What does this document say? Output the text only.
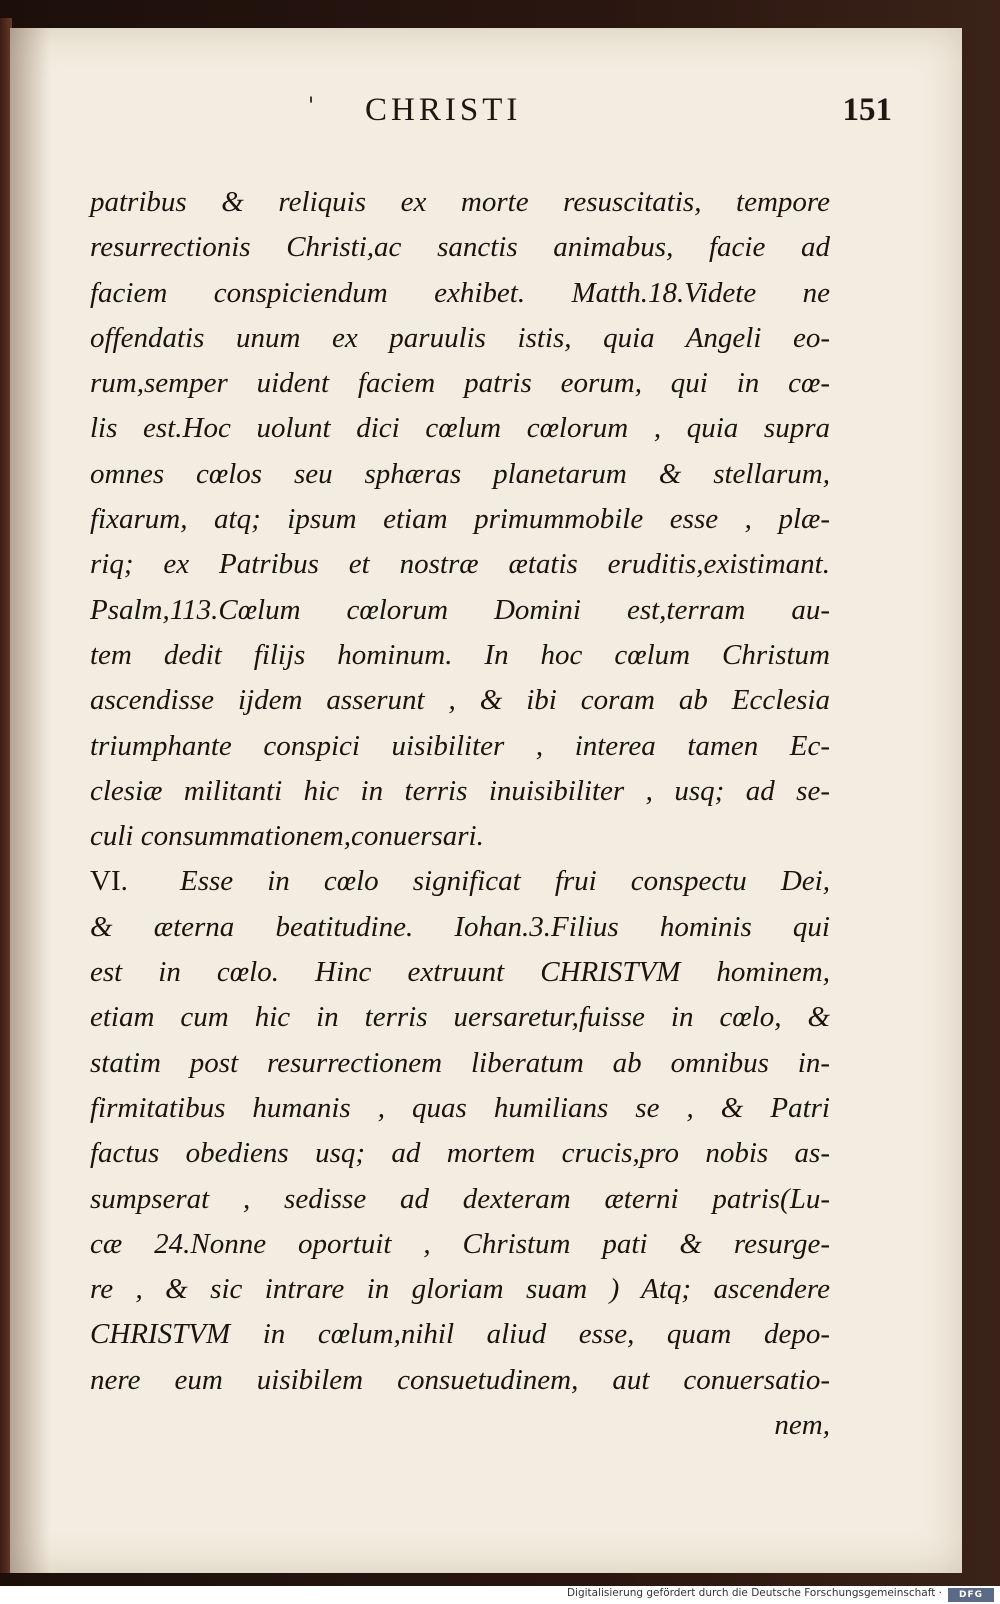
' CHRISTI	151
patribus & reliquis ex morte resuscitatis, tempore
resurrectionis Christi,ac sanctis animabus, facie ad
faciem conspiciendum exhibet. Matth.18.Videte ne
offendatis unum ex paruulis istis, quia Angeli eo-
rum,semper uident faciem patris eorum, qui in cœ-
lis est.Hoc uolunt dici cœlum cœlorum , quia supra
omnes cœlos seu sphæras planetarum & stellarum,
fixarum, atq; ipsum etiam primummobile esse , plæ-
riq; ex Patribus et nostræ ætatis eruditis,existimant.
Psalm,113.Cœlum cœlorum Domini est,terram au-
tem dedit filijs hominum. In hoc cœlum Christum
ascendisse ijdem asserunt , & ibi coram ab Ecclesia
triumphante conspici uisibiliter , interea tamen Ec-
clesiæ militanti hic in terris inuisibiliter , usq; ad se-
culi consummationem,conuersari.
VI. Esse in cœlo significat frui conspectu Dei,
& æterna beatitudine. Iohan.3.Filius hominis qui
est in cœlo. Hinc extruunt CHRISTVM hominem,
etiam cum hic in terris uersaretur,fuisse in cœlo, &
statim post resurrectionem liberatum ab omnibus in-
firmitatibus humanis , quas humilians se , & Patri
factus obediens usq; ad mortem crucis,pro nobis as-
sumpserat , sedisse ad dexteram æterni patris(Lu-
cæ 24.Nonne oportuit , Christum pati & resurge-
re , & sic intrare in gloriam suam ) Atq; ascendere
CHRISTVM in cœlum,nihil aliud esse, quam depo-
nere eum uisibilem consuetudinem, aut conuersatio-
nem,
Digitalisierung gefördert durch die Deutsche Forschungsgemeinschaft ·	DFG
